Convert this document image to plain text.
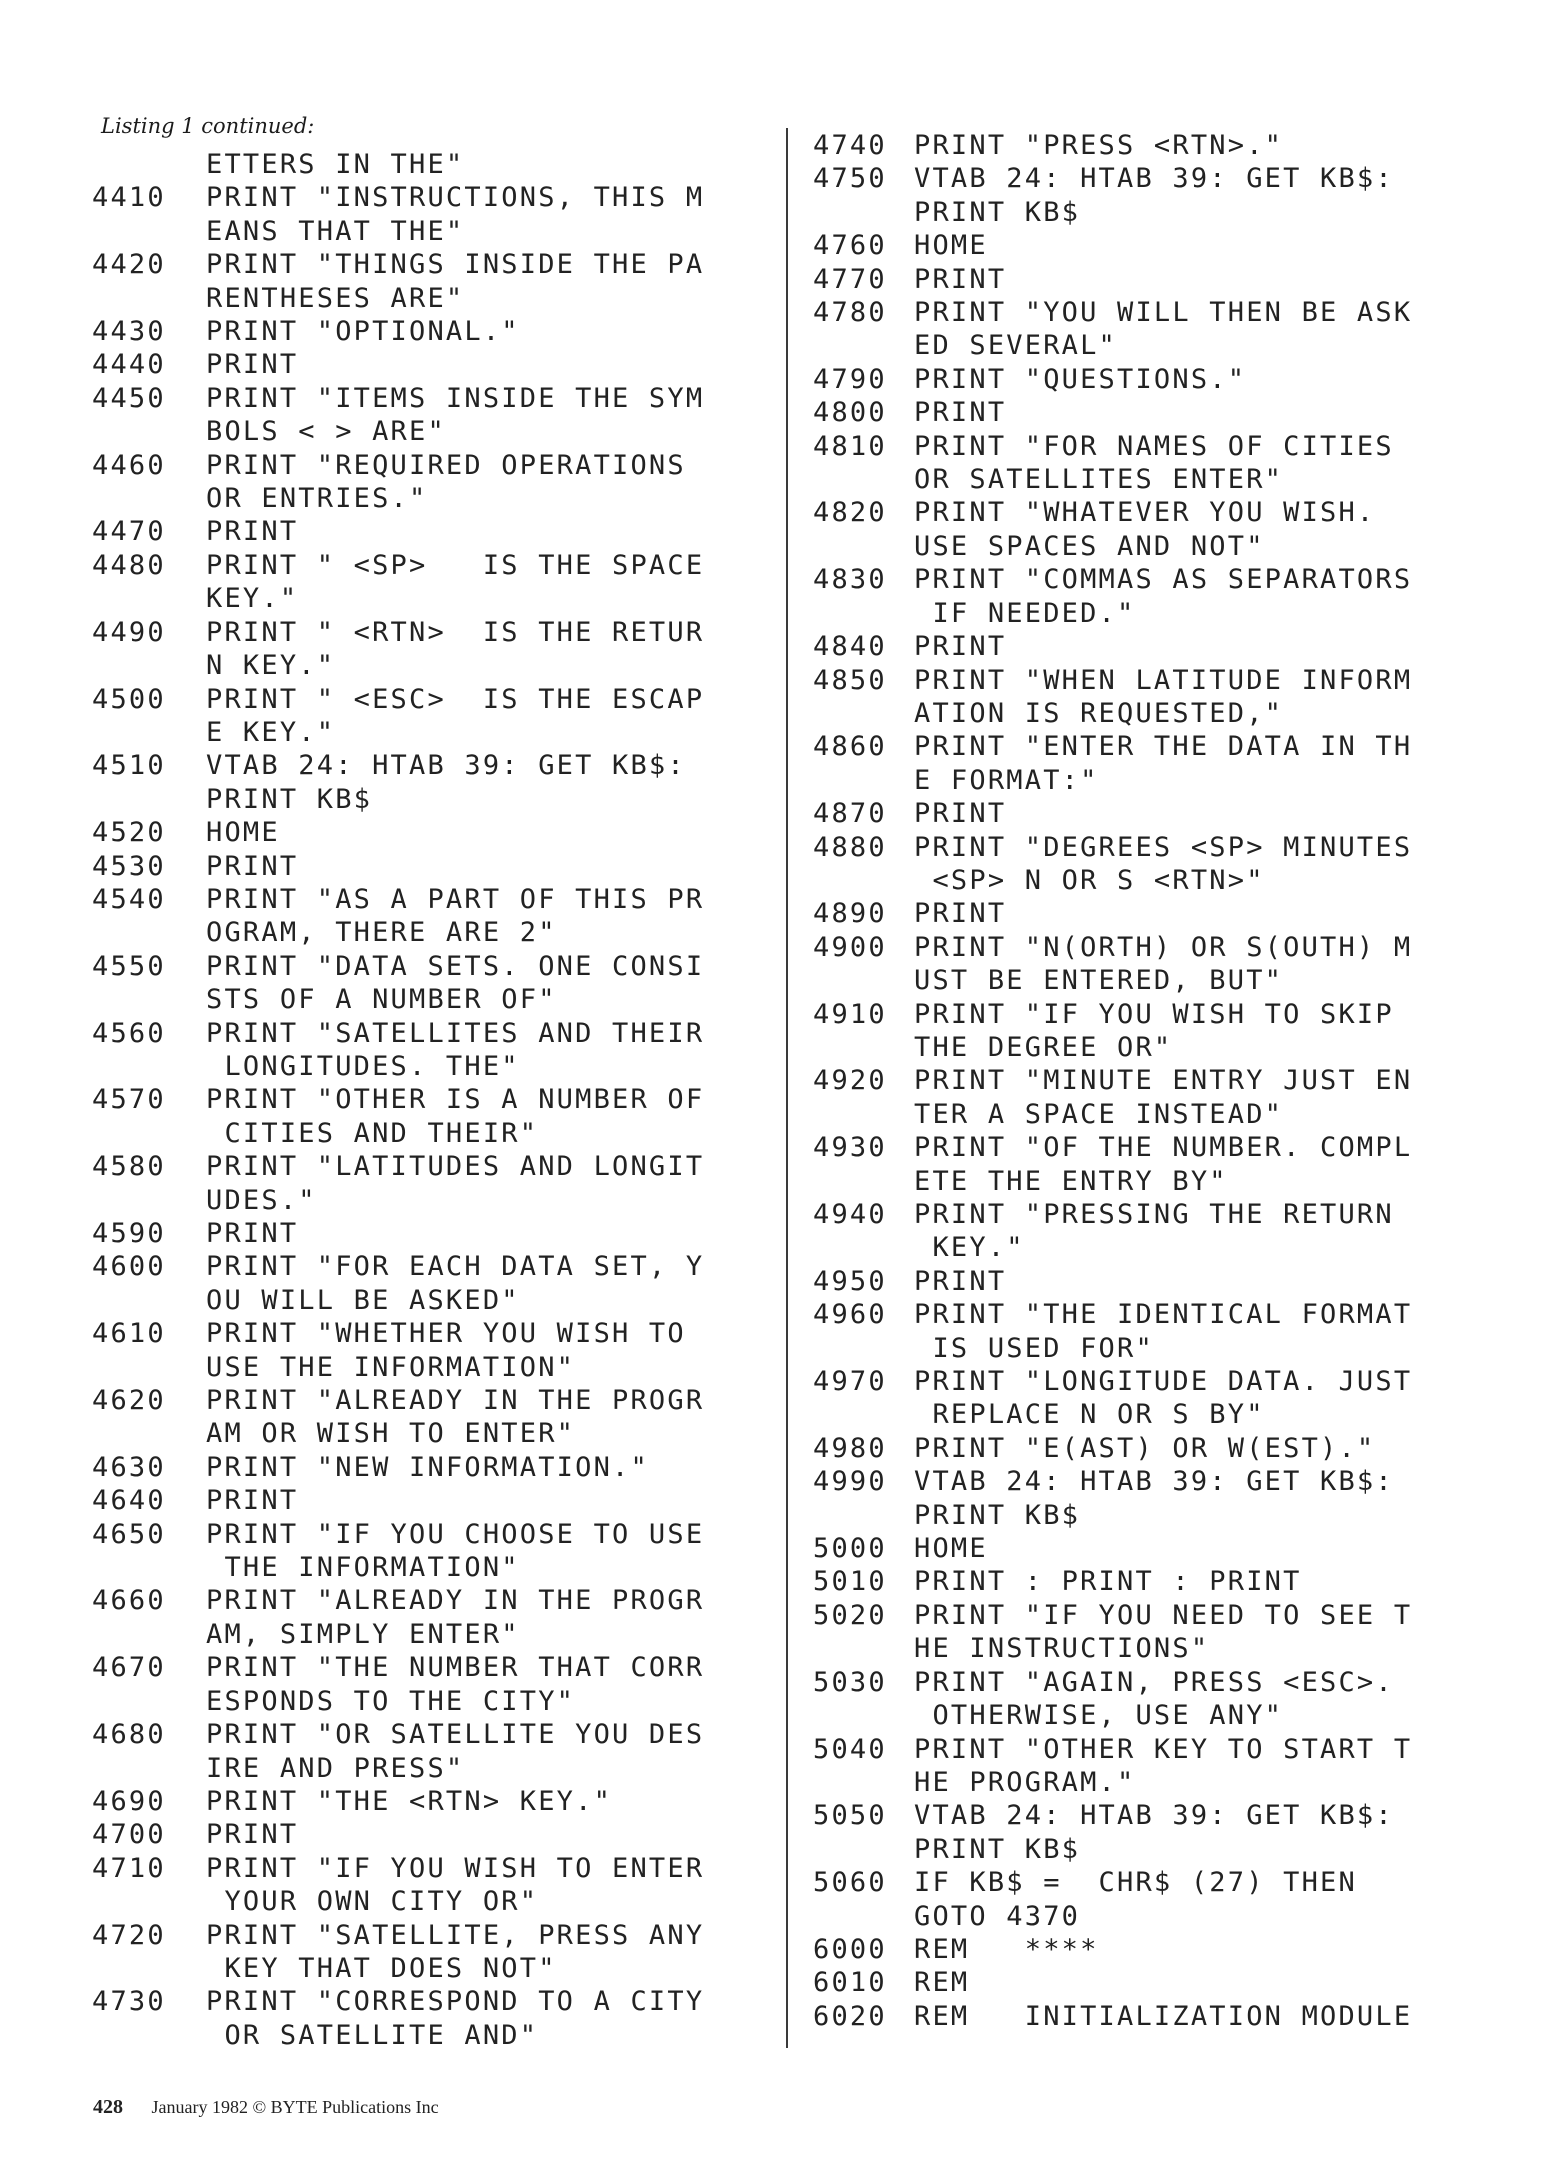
Listing 1 continued:
ETTERS IN THE"
4410	PRINT "INSTRUCTIONS, THIS M
EANS THAT THE"
4420	PRINT "THINGS INSIDE THE PA
RENTHESES ARE"
4430	PRINT "OPTIONAL."
4440	PRINT
4450	PRINT "ITEMS INSIDE THE SYM
BOLS < > ARE"
4460	PRINT "REQUIRED OPERATIONS
OR ENTRIES."
4470	PRINT
4480	PRINT " <SP>   IS THE SPACE
KEY."
4490	PRINT " <RTN>  IS THE RETUR
N KEY."
4500	PRINT " <ESC>  IS THE ESCAP
E KEY."
4510	VTAB 24: HTAB 39: GET KB$:
PRINT KB$
4520	HOME
4530	PRINT
4540	PRINT "AS A PART OF THIS PR
OGRAM, THERE ARE 2"
4550	PRINT "DATA SETS. ONE CONSI
STS OF A NUMBER OF"
4560	PRINT "SATELLITES AND THEIR
LONGITUDES. THE"
4570	PRINT "OTHER IS A NUMBER OF
CITIES AND THEIR"
4580	PRINT "LATITUDES AND LONGIT
UDES."
4590	PRINT
4600	PRINT "FOR EACH DATA SET, Y
OU WILL BE ASKED"
4610	PRINT "WHETHER YOU WISH TO
USE THE INFORMATION"
4620	PRINT "ALREADY IN THE PROGR
AM OR WISH TO ENTER"
4630	PRINT "NEW INFORMATION."
4640	PRINT
4650	PRINT "IF YOU CHOOSE TO USE
THE INFORMATION"
4660	PRINT "ALREADY IN THE PROGR
AM, SIMPLY ENTER"
4670	PRINT "THE NUMBER THAT CORR
ESPONDS TO THE CITY"
4680	PRINT "OR SATELLITE YOU DES
IRE AND PRESS"
4690	PRINT "THE <RTN> KEY."
4700	PRINT
4710	PRINT "IF YOU WISH TO ENTER
YOUR OWN CITY OR"
4720	PRINT "SATELLITE, PRESS ANY
KEY THAT DOES NOT"
4730	PRINT "CORRESPOND TO A CITY
OR SATELLITE AND"
4740	PRINT "PRESS <RTN>."
4750	VTAB 24: HTAB 39: GET KB$:
PRINT KB$
4760	HOME
4770	PRINT
4780	PRINT "YOU WILL THEN BE ASK
ED SEVERAL"
4790	PRINT "QUESTIONS."
4800	PRINT
4810	PRINT "FOR NAMES OF CITIES
OR SATELLITES ENTER"
4820	PRINT "WHATEVER YOU WISH.
USE SPACES AND NOT"
4830	PRINT "COMMAS AS SEPARATORS
IF NEEDED."
4840	PRINT
4850	PRINT "WHEN LATITUDE INFORM
ATION IS REQUESTED,"
4860	PRINT "ENTER THE DATA IN TH
E FORMAT:"
4870	PRINT
4880	PRINT "DEGREES <SP> MINUTES
<SP> N OR S <RTN>"
4890	PRINT
4900	PRINT "N(ORTH) OR S(OUTH) M
UST BE ENTERED, BUT"
4910	PRINT "IF YOU WISH TO SKIP
THE DEGREE OR"
4920	PRINT "MINUTE ENTRY JUST EN
TER A SPACE INSTEAD"
4930	PRINT "OF THE NUMBER. COMPL
ETE THE ENTRY BY"
4940	PRINT "PRESSING THE RETURN
KEY."
4950	PRINT
4960	PRINT "THE IDENTICAL FORMAT
IS USED FOR"
4970	PRINT "LONGITUDE DATA. JUST
REPLACE N OR S BY"
4980	PRINT "E(AST) OR W(EST)."
4990	VTAB 24: HTAB 39: GET KB$:
PRINT KB$
5000	HOME
5010	PRINT : PRINT : PRINT
5020	PRINT "IF YOU NEED TO SEE T
HE INSTRUCTIONS"
5030	PRINT "AGAIN, PRESS <ESC>.
OTHERWISE, USE ANY"
5040	PRINT "OTHER KEY TO START T
HE PROGRAM."
5050	VTAB 24: HTAB 39: GET KB$:
PRINT KB$
5060	IF KB$ =  CHR$ (27) THEN
GOTO 4370
6000	REM   ****
6010	REM
6020	REM   INITIALIZATION MODULE
428 January 1982 © BYTE Publications Inc
